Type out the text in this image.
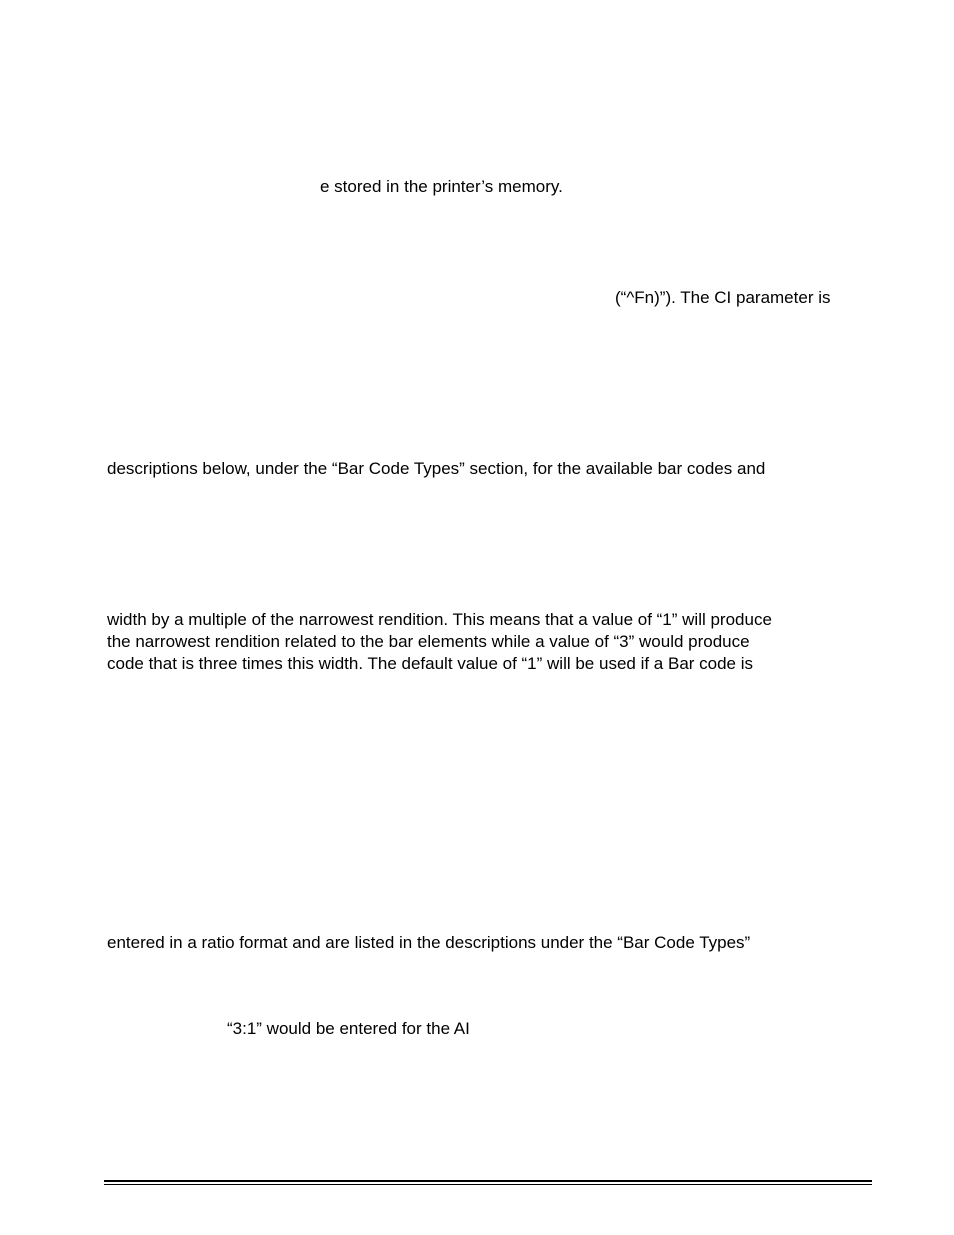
e stored in the printer’s memory.
(“^Fn)”). The CI parameter is
descriptions below, under the “Bar Code Types” section, for the available bar codes and
width by a multiple of the narrowest rendition. This means that a value of “1” will produce
the narrowest rendition related to the bar elements while a value of “3” would produce
code that is three times this width. The default value of “1” will be used if a Bar code is
entered in a ratio format and are listed in the descriptions under the “Bar Code Types”
“3:1” would be entered for the AI
